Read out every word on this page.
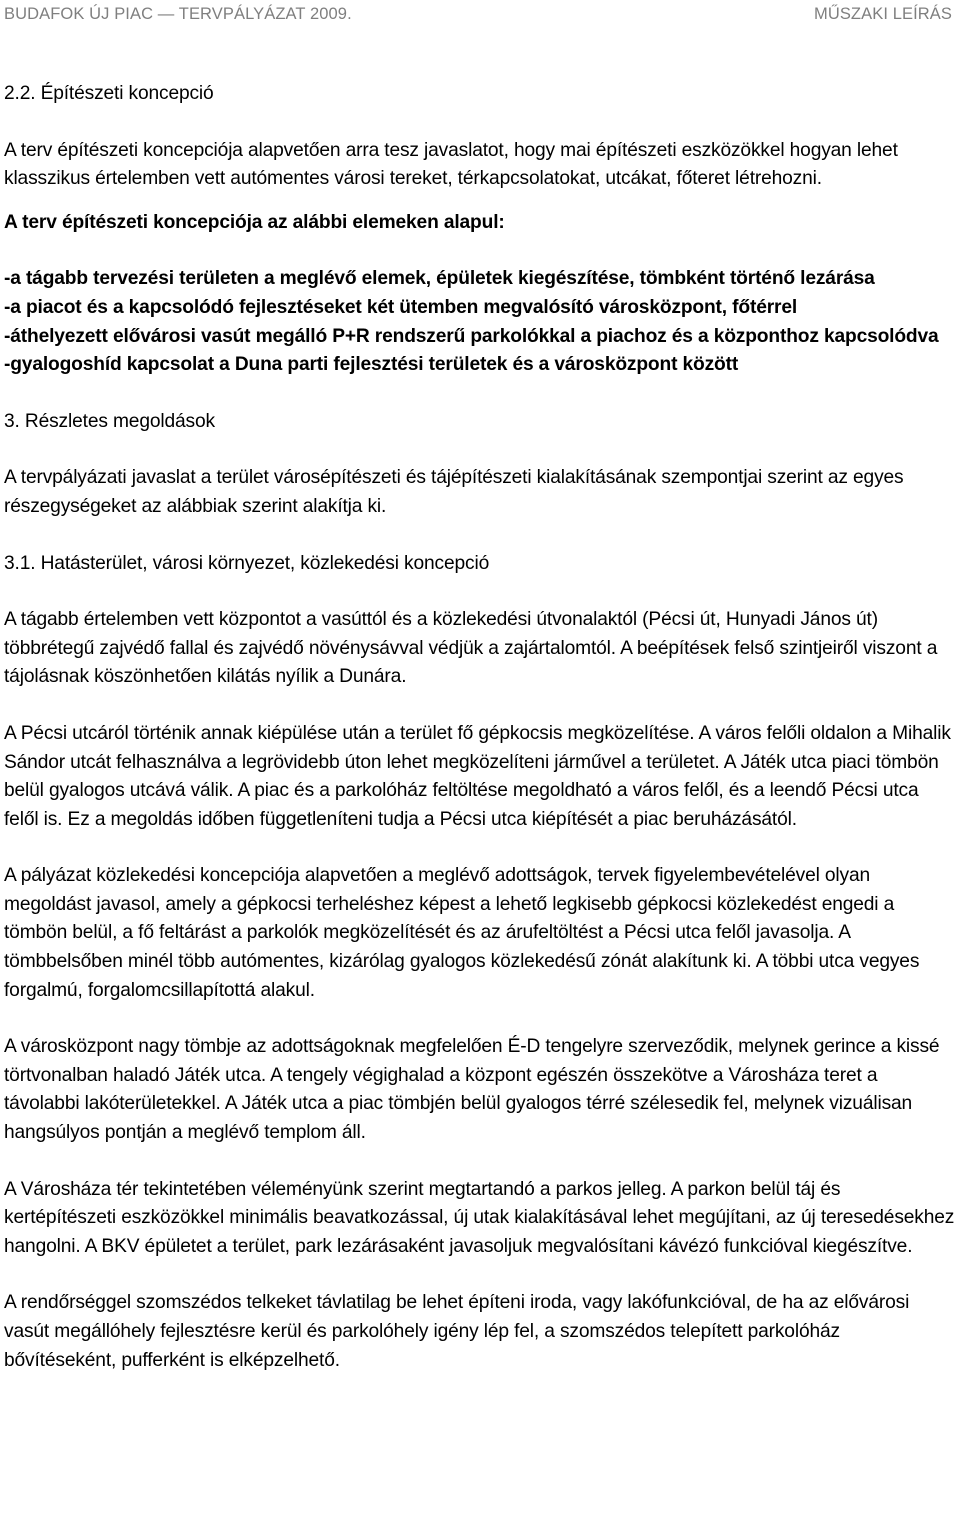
BUDAFOK ÚJ PIAC — TERVPÁLYÁZAT 2009.	MŰSZAKI LEÍRÁS

2.2. Építészeti koncepció

A terv építészeti koncepciója alapvetően arra tesz javaslatot, hogy mai építészeti eszközökkel hogyan lehet klasszikus értelemben vett autómentes városi tereket, térkapcsolatokat, utcákat, főteret létrehozni.

A terv építészeti koncepciója az alábbi elemeken alapul:

-a tágabb tervezési területen a meglévő elemek, épületek kiegészítése, tömbként történő lezárása
-a piacot és a kapcsolódó fejlesztéseket két ütemben megvalósító városközpont, főtérrel
-áthelyezett elővárosi vasút megálló P+R rendszerű parkolókkal a piachoz és a központhoz kapcsolódva
-gyalogoshíd kapcsolat a Duna parti fejlesztési területek és a városközpont között

3. Részletes megoldások

A tervpályázati javaslat a terület városépítészeti és tájépítészeti kialakításának szempontjai szerint az egyes részegységeket az alábbiak szerint alakítja ki.

3.1. Hatásterület, városi környezet, közlekedési koncepció

A tágabb értelemben vett központot a vasúttól és a közlekedési útvonalaktól (Pécsi út, Hunyadi János út) többrétegű zajvédő fallal és zajvédő növénysávval védjük a zajártalomtól. A beépítések felső szintjeiről viszont a tájolásnak köszönhetően kilátás nyílik a Dunára.

A Pécsi utcáról történik annak kiépülése után a terület fő gépkocsis megközelítése. A város felőli oldalon a Mihalik Sándor utcát felhasználva a legrövidebb úton lehet megközelíteni járművel a területet. A Játék utca piaci tömbön belül gyalogos utcává válik. A piac és a parkolóház feltöltése megoldható a város felől, és a leendő Pécsi utca felől is. Ez a megoldás időben függetleníteni tudja a Pécsi utca kiépítését a piac beruházásától.

A pályázat közlekedési koncepciója alapvetően a meglévő adottságok, tervek figyelembevételével olyan megoldást javasol, amely a gépkocsi terheléshez képest a lehető legkisebb gépkocsi közlekedést engedi a tömbön belül, a fő feltárást a parkolók megközelítését és az árufeltöltést a Pécsi utca felől javasolja. A tömbbelsőben minél több autómentes, kizárólag gyalogos közlekedésű zónát alakítunk ki. A többi utca vegyes forgalmú, forgalomcsillapítottá alakul.

A városközpont nagy tömbje az adottságoknak megfelelően É-D tengelyre szerveződik, melynek gerince a kissé törtvonalban haladó Játék utca. A tengely végighalad a központ egészén összekötve a Városháza teret a távolabbi lakóterületekkel. A Játék utca a piac tömbjén belül gyalogos térré szélesedik fel, melynek vizuálisan hangsúlyos pontján a meglévő templom áll.

A Városháza tér tekintetében véleményünk szerint megtartandó a parkos jelleg. A parkon belül táj és kertépítészeti eszközökkel minimális beavatkozással, új utak kialakításával lehet megújítani, az új teresedésekhez hangolni. A BKV épületet a terület, park lezárásaként javasoljuk megvalósítani kávézó funkcióval kiegészítve.

A rendőrséggel szomszédos telkeket távlatilag be lehet építeni iroda, vagy lakófunkcióval, de ha az elővárosi vasút megállóhely fejlesztésre kerül és parkolóhely igény lép fel, a szomszédos telepített parkolóház bővítéseként, pufferként is elképzelhető.
